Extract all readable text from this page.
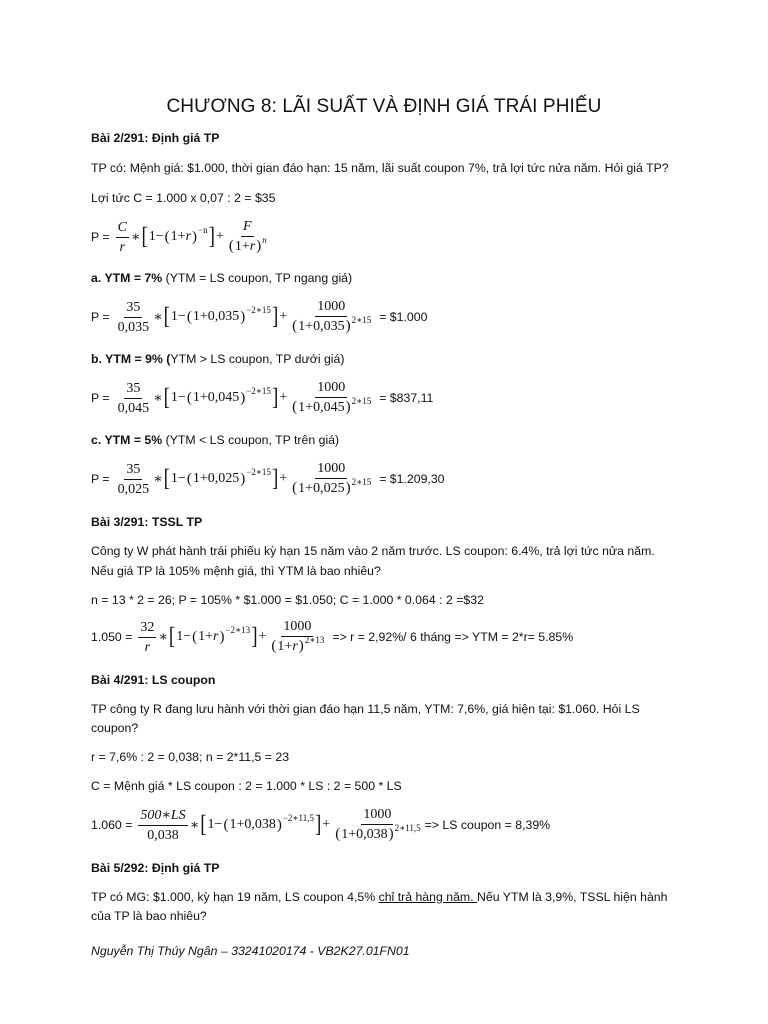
CHƯƠNG 8: LÃI SUẤT VÀ ĐỊNH GIÁ TRÁI PHIẾU
Bài 2/291: Định giá TP
TP có: Mệnh giá: $1.000, thời gian đáo hạn: 15 năm, lãi suất coupon 7%, trả lợi tức nửa năm. Hỏi giá TP?
Lợi tức C = 1.000 x 0,07 : 2 = $35
$P = \frac{C}{r}$ ∗ [ 1 − ( 1 + r )$^{-n}$ ] + $\frac{F}{(1+r)^n}$
a. YTM = 7% (YTM = LS coupon, TP ngang giá)
$P = \frac{35}{0,035}$ ∗ [ 1 − ( 1 + 0,035 )$^{-2∗15}$ ] + $\frac{1000}{(1+0,035)^{2∗15}}$ = $1.000
b. YTM = 9% (YTM > LS coupon, TP dưới giá)
$P = \frac{35}{0,045}$ ∗ [ 1 − ( 1 + 0,045 )$^{-2∗15}$ ] + $\frac{1000}{(1+0,045)^{2∗15}}$ = $837,11
c. YTM = 5% (YTM < LS coupon, TP trên giá)
$P = \frac{35}{0,025}$ ∗ [ 1 − ( 1 + 0,025 )$^{-2∗15}$ ] + $\frac{1000}{(1+0,025)^{2∗15}}$ = $1.209,30
Bài 3/291: TSSL TP
Công ty W phát hành trái phiếu kỳ hạn 15 năm vào 2 năm trước. LS coupon: 6.4%, trả lợi tức nửa năm.
Nếu giá TP là 105% mệnh giá, thì YTM là bao nhiêu?
n = 13 * 2 = 26; P = 105% * $1.000 = $1.050; C = 1.000 * 0.064 : 2 =$32
$1.050 = \frac{32}{r}$ ∗ [ 1 − ( 1 + r )$^{-2∗13}$ ] + $\frac{1000}{(1+r)^{2∗13}} => r = 2,92\%/$ 6 tháng => YTM = 2*r= 5.85%
Bài 4/291: LS coupon
TP công ty R đang lưu hành với thời gian đáo hạn 11,5 năm, YTM: 7,6%, giá hiện tại: $1.060. Hỏi LS
coupon?
r = 7,6% : 2 = 0,038; n = 2*11,5 = 23
C = Mệnh giá * LS coupon : 2 = 1.000 * LS : 2 = 500 * LS
$1.060 = \frac{500∗LS}{0,038}$ ∗ [ 1 − ( 1 + 0,038 )$^{-2∗11,5}$ ] + $\frac{1000}{(1+0,038)^{2∗11,5}}$ => LS coupon = 8,39%
Bài 5/292: Định giá TP
TP có MG: $1.000, kỳ hạn 19 năm, LS coupon 4,5% chỉ trả hàng năm. Nếu YTM là 3,9%, TSSL hiện hành
của TP là bao nhiêu?
Nguyễn Thị Thúy Ngân – 33241020174 - VB2K27.01FN01
